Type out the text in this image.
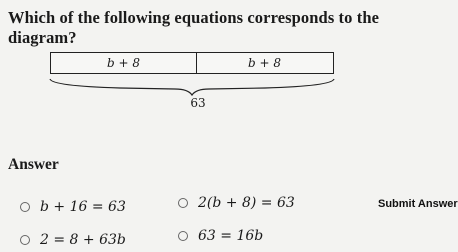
Which of the following equations corresponds to the diagram?
b + 8	b + 8
63
Answer
b + 16 = 63	2(b + 8) = 63
2 = 8 + 63b	63 = 16b
Submit Answer
